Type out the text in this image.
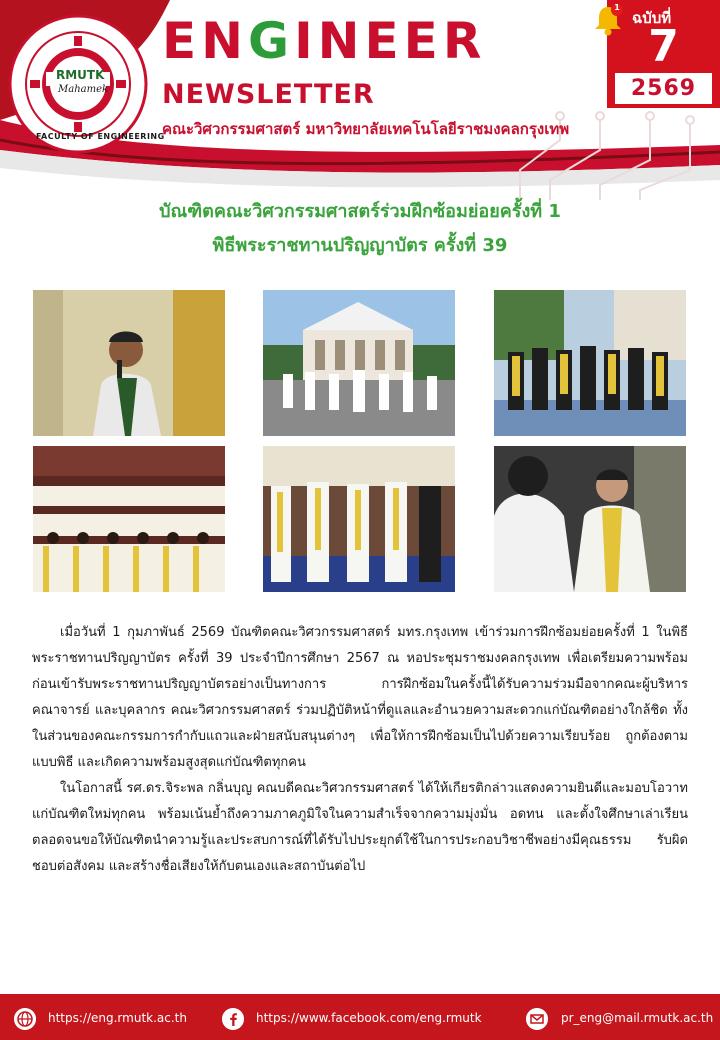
RMUTK
Mahamek
FACULTY OF ENGINEERING
ENGINEER
NEWSLETTER
คณะวิศวกรรมศาสตร์ มหาวิทยาลัยเทคโนโลยีราชมงคลกรุงเทพ
1
ฉบับที่
7
2569
บัณฑิตคณะวิศวกรรมศาสตร์ร่วมฝึกซ้อมย่อยครั้งที่ 1
พิธีพระราชทานปริญญาบัตร ครั้งที่ 39

เมื่อวันที่ 1 กุมภาพันธ์ 2569 บัณฑิตคณะวิศวกรรมศาสตร์ มทร.กรุงเทพ เข้าร่วมการฝึกซ้อมย่อยครั้งที่ 1 ในพิธีพระราชทานปริญญาบัตร ครั้งที่ 39 ประจำปีการศึกษา 2567 ณ หอประชุมราชมงคลกรุงเทพ เพื่อเตรียมความพร้อมก่อนเข้ารับพระราชทานปริญญาบัตรอย่างเป็นทางการ การฝึกซ้อมในครั้งนี้ได้รับความร่วมมือจากคณะผู้บริหาร คณาจารย์ และบุคลากร คณะวิศวกรรมศาสตร์ ร่วมปฏิบัติหน้าที่ดูแลและอำนวยความสะดวกแก่บัณฑิตอย่างใกล้ชิด ทั้งในส่วนของคณะกรรมการกำกับแถวและฝ่ายสนับสนุนต่างๆ เพื่อให้การฝึกซ้อมเป็นไปด้วยความเรียบร้อย ถูกต้องตามแบบพิธี และเกิดความพร้อมสูงสุดแก่บัณฑิตทุกคน

ในโอกาสนี้ รศ.ดร.จิระพล กลิ่นบุญ คณบดีคณะวิศวกรรมศาสตร์ ได้ให้เกียรติกล่าวแสดงความยินดีและมอบโอวาทแก่บัณฑิตใหม่ทุกคน พร้อมเน้นย้ำถึงความภาคภูมิใจในความสำเร็จจากความมุ่งมั่น อดทน และตั้งใจศึกษาเล่าเรียน ตลอดจนขอให้บัณฑิตนำความรู้และประสบการณ์ที่ได้รับไปประยุกต์ใช้ในการประกอบวิชาชีพอย่างมีคุณธรรม รับผิดชอบต่อสังคม และสร้างชื่อเสียงให้กับตนเองและสถาบันต่อไป

https://eng.rmutk.ac.th	https://www.facebook.com/eng.rmutk	pr_eng@mail.rmutk.ac.th
